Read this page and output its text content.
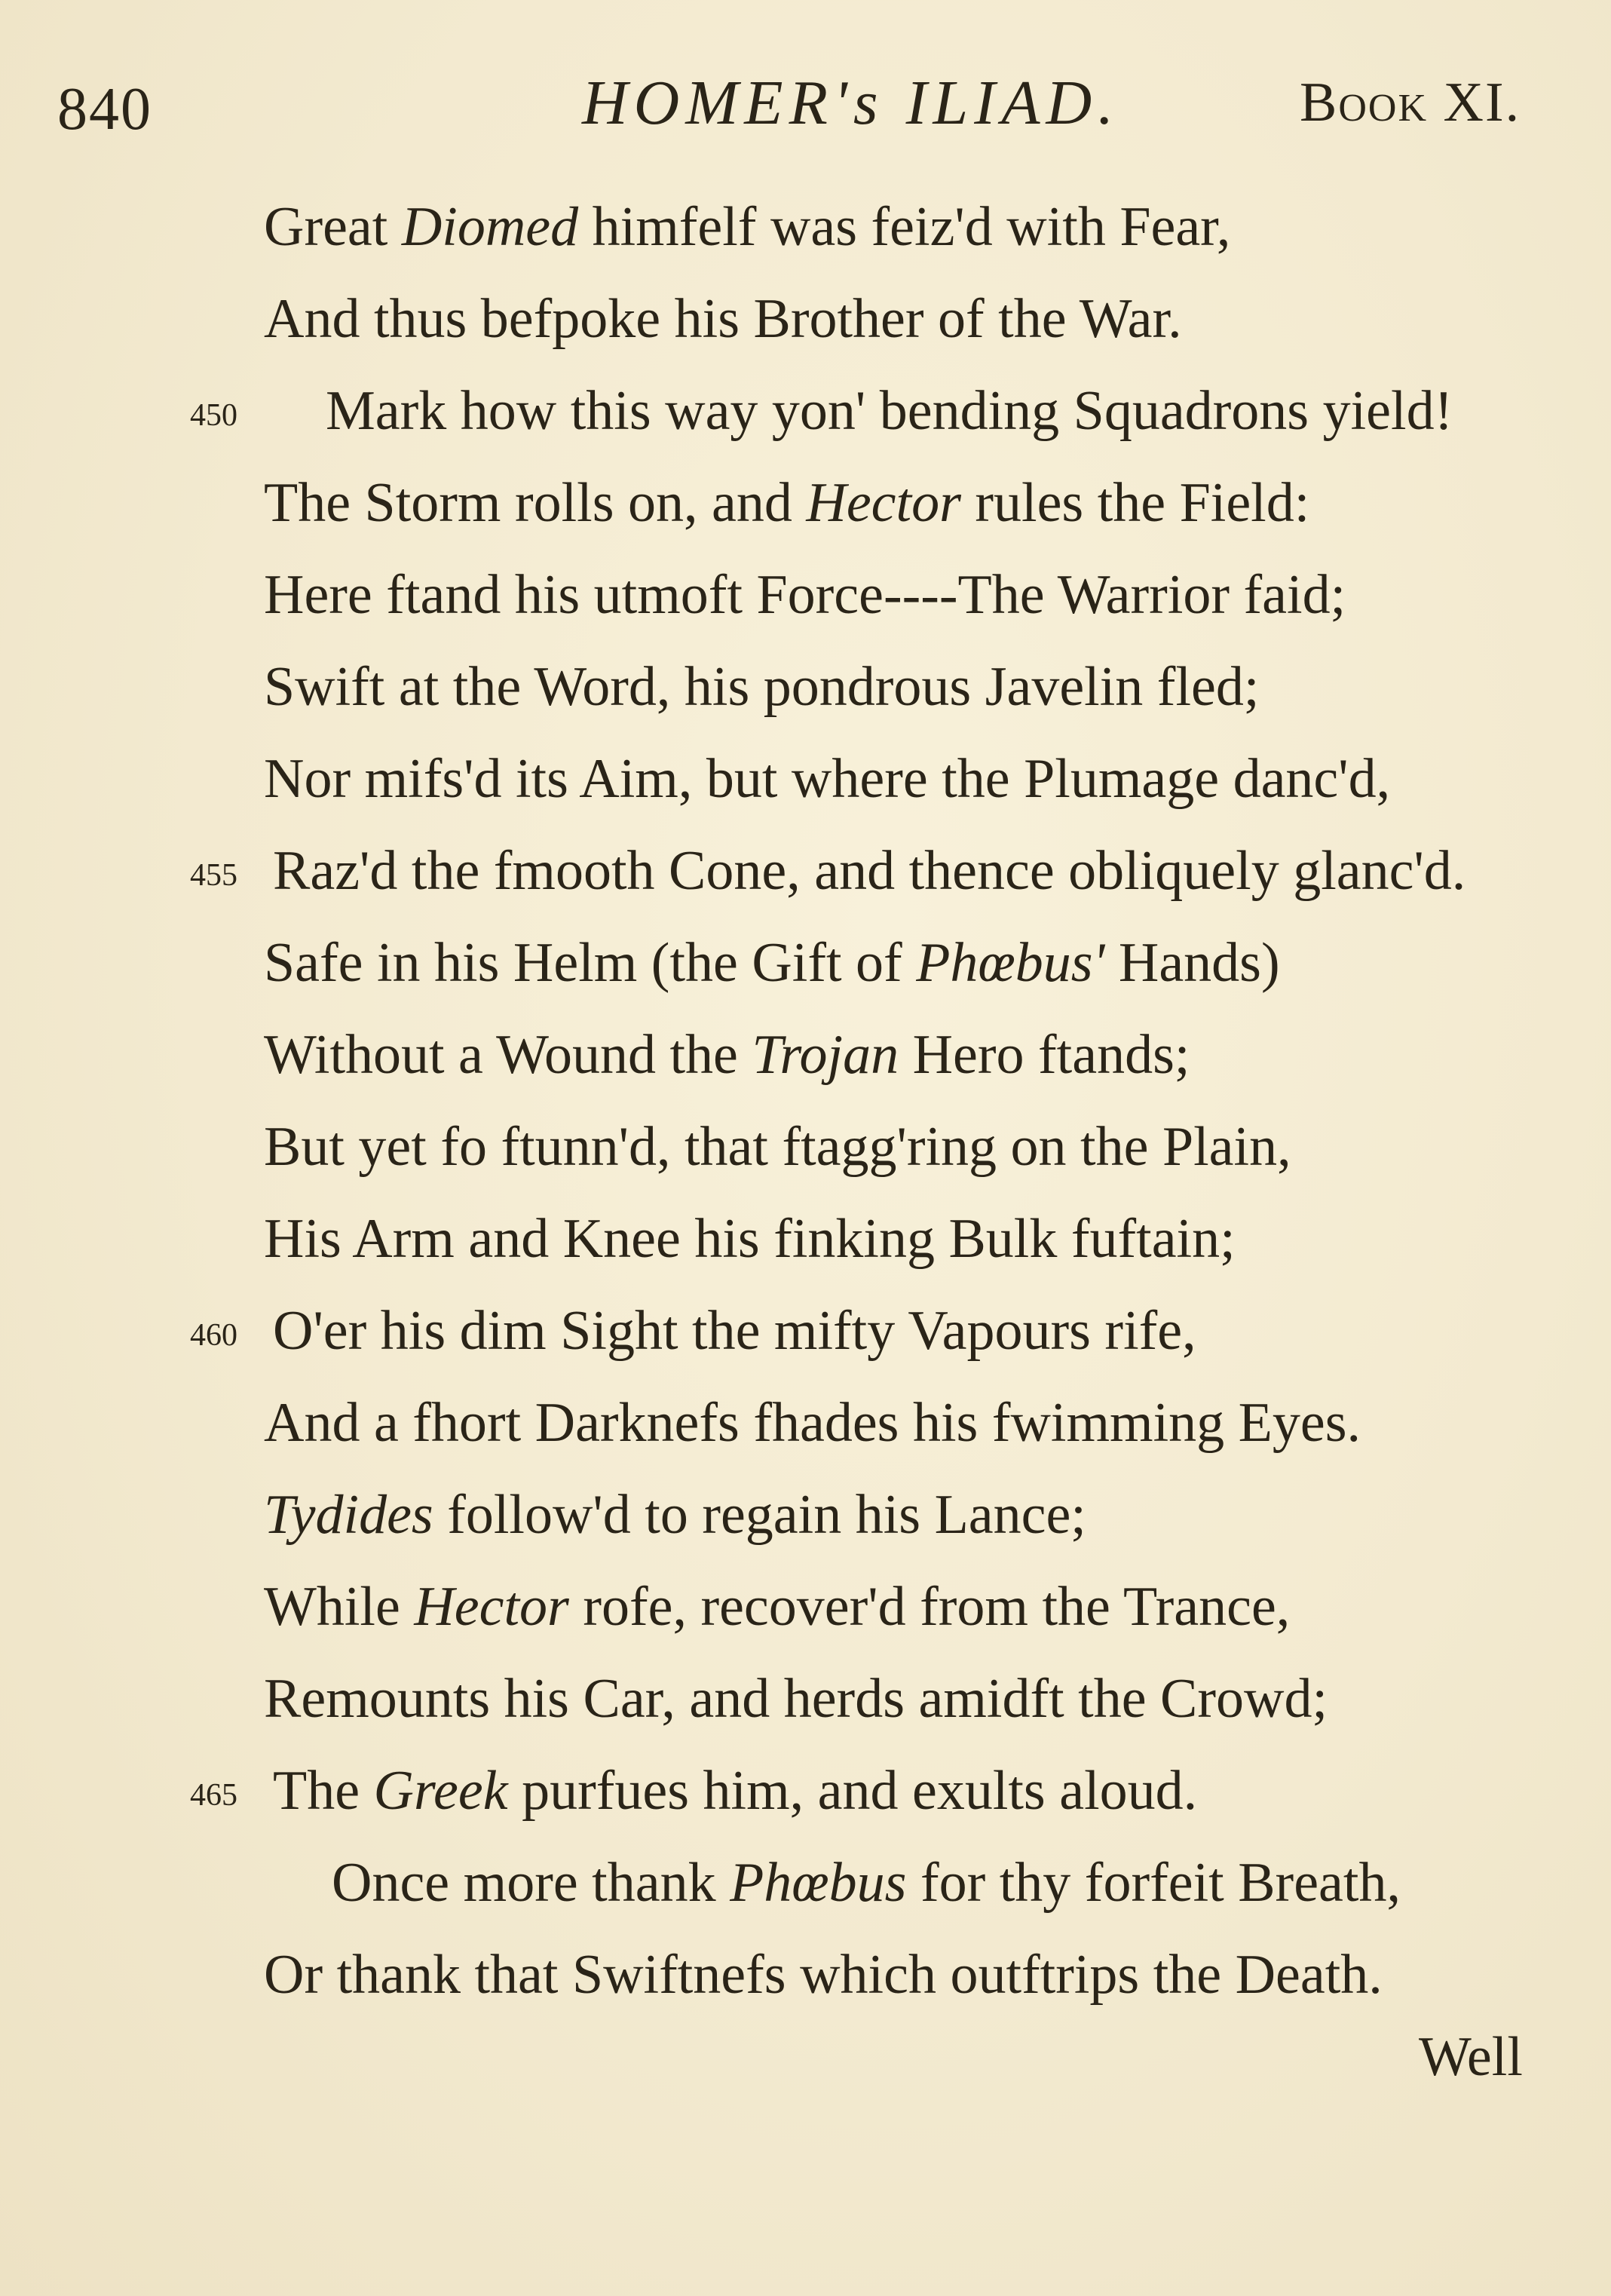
840	HOMER's ILIAD.	Book XI.
Great Diomed himfelf was feiz'd with Fear,
And thus befpoke his Brother of the War.
450 Mark how this way yon' bending Squadrons yield!
The Storm rolls on, and Hector rules the Field:
Here ftand his utmoft Force----The Warrior faid;
Swift at the Word, his pondrous Javelin fled;
Nor mifs'd its Aim, but where the Plumage danc'd,
455 Raz'd the fmooth Cone, and thence obliquely glanc'd.
Safe in his Helm (the Gift of Phœbus' Hands)
Without a Wound the Trojan Hero ftands;
But yet fo ftunn'd, that ftagg'ring on the Plain,
His Arm and Knee his finking Bulk fuftain;
460 O'er his dim Sight the mifty Vapours rife,
And a fhort Darknefs fhades his fwimming Eyes.
Tydides follow'd to regain his Lance;
While Hector rofe, recover'd from the Trance,
Remounts his Car, and herds amidft the Crowd;
465 The Greek purfues him, and exults aloud.
Once more thank Phœbus for thy forfeit Breath,
Or thank that Swiftnefs which outftrips the Death.
Well
